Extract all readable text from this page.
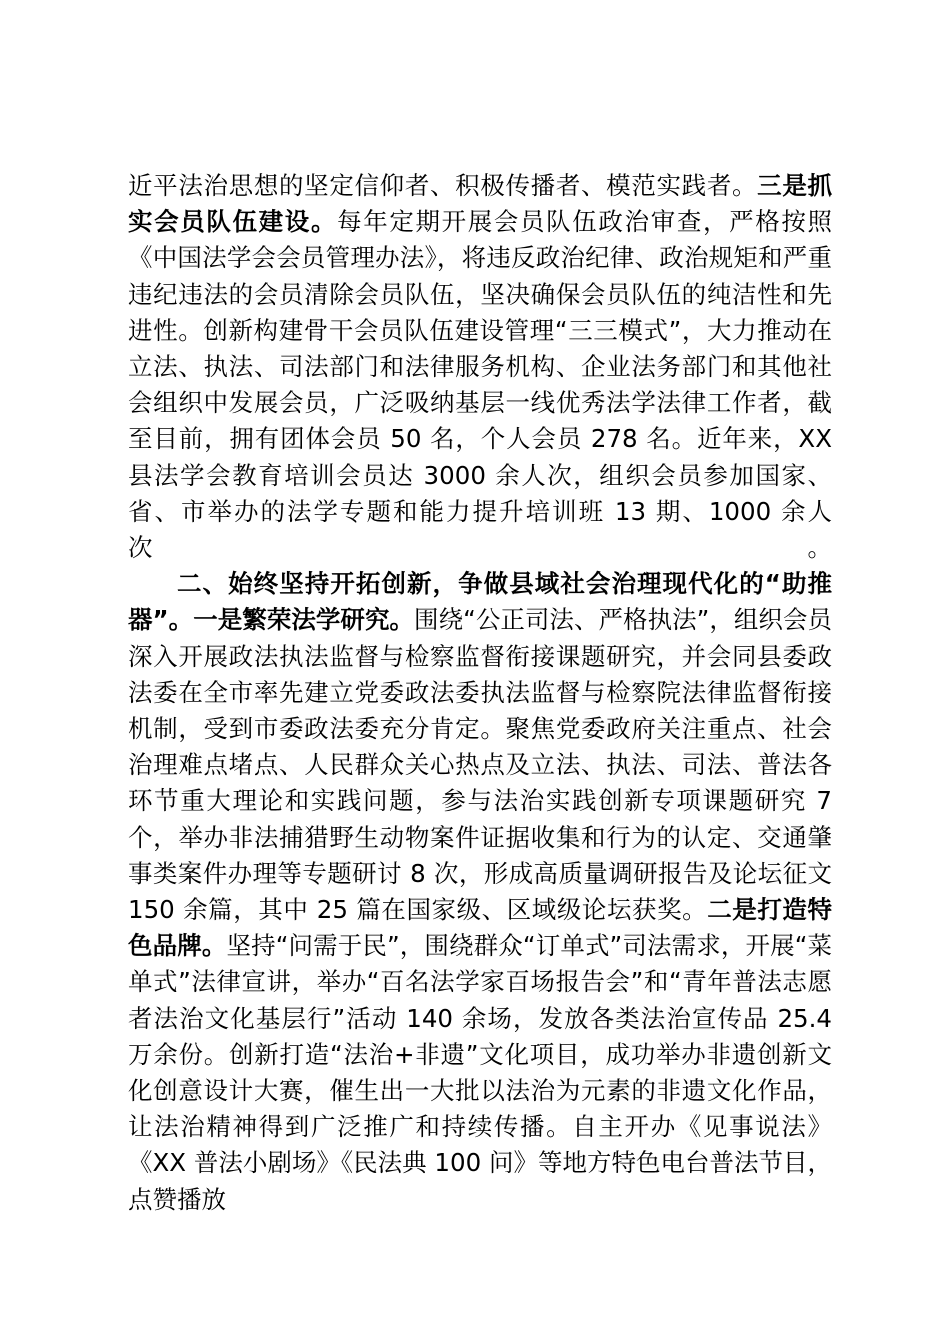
近平法治思想的坚定信仰者、积极传播者、模范实践者。三是抓实会员队伍建设。每年定期开展会员队伍政治审查，严格按照《中国法学会会员管理办法》，将违反政治纪律、政治规矩和严重违纪违法的会员清除会员队伍，坚决确保会员队伍的纯洁性和先进性。创新构建骨干会员队伍建设管理“三三模式”，大力推动在立法、执法、司法部门和法律服务机构、企业法务部门和其他社会组织中发展会员，广泛吸纳基层一线优秀法学法律工作者，截至目前，拥有团体会员 50 名，个人会员 278 名。近年来，XX 县法学会教育培训会员达 3000 余人次，组织会员参加国家、省、市举办的法学专题和能力提升培训班 13 期、1000 余人次。

二、始终坚持开拓创新，争做县域社会治理现代化的“助推器”。一是繁荣法学研究。围绕“公正司法、严格执法”，组织会员深入开展政法执法监督与检察监督衔接课题研究，并会同县委政法委在全市率先建立党委政法委执法监督与检察院法律监督衔接机制，受到市委政法委充分肯定。聚焦党委政府关注重点、社会治理难点堵点、人民群众关心热点及立法、执法、司法、普法各环节重大理论和实践问题，参与法治实践创新专项课题研究 7 个，举办非法捕猎野生动物案件证据收集和行为的认定、交通肇事类案件办理等专题研讨 8 次，形成高质量调研报告及论坛征文 150 余篇，其中 25 篇在国家级、区域级论坛获奖。二是打造特色品牌。坚持“问需于民”，围绕群众“订单式”司法需求，开展“菜单式”法律宣讲，举办“百名法学家百场报告会”和“青年普法志愿者法治文化基层行”活动 140 余场，发放各类法治宣传品 25.4 万余份。创新打造“法治+非遗”文化项目，成功举办非遗创新文化创意设计大赛，催生出一大批以法治为元素的非遗文化作品，让法治精神得到广泛推广和持续传播。自主开办《见事说法》《XX 普法小剧场》《民法典 100 问》等地方特色电台普法节目，点赞播放
